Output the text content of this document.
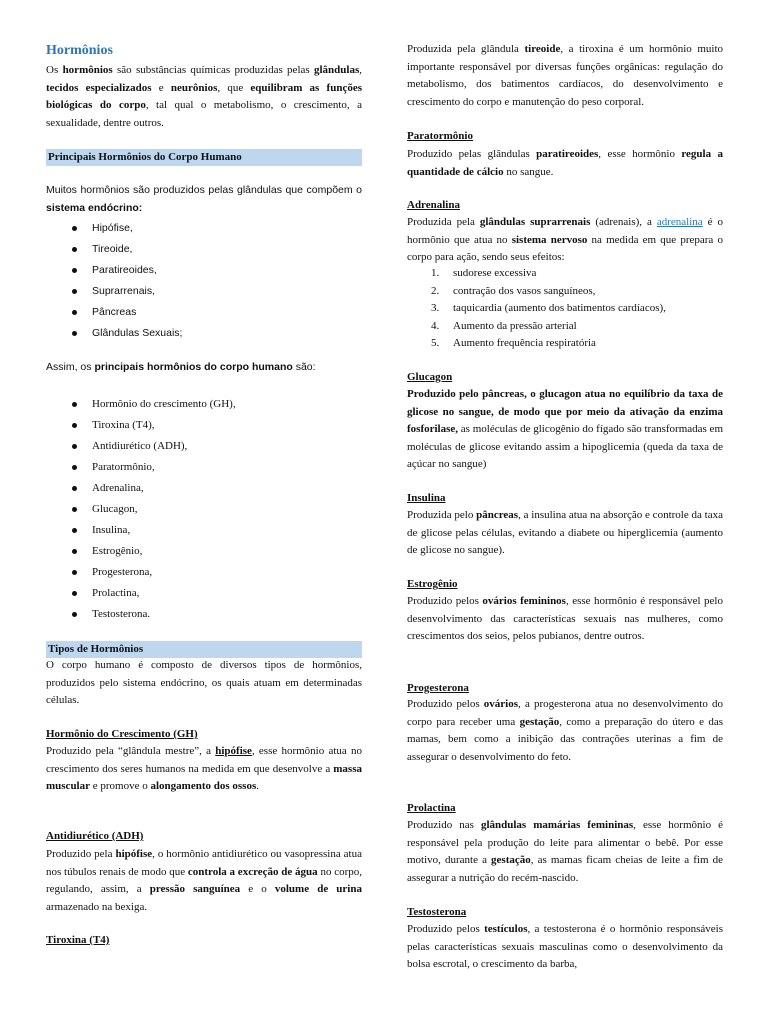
Hormônios

Os hormônios são substâncias químicas produzidas pelas glândulas, tecidos especializados e neurônios, que equilibram as funções biológicas do corpo, tal qual o metabolismo, o crescimento, a sexualidade, dentre outros.

Principais Hormônios do Corpo Humano

Muitos hormônios são produzidos pelas glândulas que compõem o sistema endócrino:

Hipófise,
Tireoide,
Paratireoides,
Suprarrenais,
Pâncreas
Glândulas Sexuais;

Assim, os principais hormônios do corpo humano são:

Hormônio do crescimento (GH),
Tiroxina (T4),
Antidiurético (ADH),
Paratormônio,
Adrenalina,
Glucagon,
Insulina,
Estrogênio,
Progesterona,
Prolactina,
Testosterona.
Tipos de Hormônios

O corpo humano é composto de diversos tipos de hormônios, produzidos pelo sistema endócrino, os quais atuam em determinadas células.

Hormônio do Crescimento (GH)

Produzido pela “glândula mestre”, a hipófise, esse hormônio atua no crescimento dos seres humanos na medida em que desenvolve a massa muscular e promove o alongamento dos ossos.

Antidiurético (ADH)

Produzido pela hipófise, o hormônio antidiurético ou vasopressina atua nos túbulos renais de modo que controla a excreção de água no corpo, regulando, assim, a pressão sanguínea e o volume de urina armazenado na bexiga.

Tiroxina (T4)

Produzida pela glândula tireoide, a tiroxina é um hormônio muito importante responsável por diversas funções orgânicas: regulação do metabolismo, dos batimentos cardíacos, do desenvolvimento e crescimento do corpo e manutenção do peso corporal.

Paratormônio

Produzido pelas glândulas paratireoides, esse hormônio regula a quantidade de cálcio no sangue.

Adrenalina

Produzida pela glândulas suprarrenais (adrenais), a adrenalina é o hormônio que atua no sistema nervoso na medida em que prepara o corpo para ação, sendo seus efeitos:

1. sudorese excessiva
2. contração dos vasos sanguíneos,
3. taquicardia (aumento dos batimentos cardíacos),
4. Aumento da pressão arterial
5. Aumento frequência respiratória
Glucagon

Produzido pelo pâncreas, o glucagon atua no equilíbrio da taxa de glicose no sangue, de modo que por meio da ativação da enzima fosforilase, as moléculas de glicogênio do fígado são transformadas em moléculas de glicose evitando assim a hipoglicemia (queda da taxa de açúcar no sangue)

Insulina

Produzida pelo pâncreas, a insulina atua na absorção e controle da taxa de glicose pelas células, evitando a diabete ou hiperglicemia (aumento de glicose no sangue).

Estrogênio

Produzido pelos ovários femininos, esse hormônio é responsável pelo desenvolvimento das características sexuais nas mulheres, como crescimentos dos seios, pelos pubianos, dentre outros.

Progesterona

Produzido pelos ovários, a progesterona atua no desenvolvimento do corpo para receber uma gestação, como a preparação do útero e das mamas, bem como a inibição das contrações uterinas a fim de assegurar o desenvolvimento do feto.

Prolactina

Produzido nas glândulas mamárias femininas, esse hormônio é responsável pela produção do leite para alimentar o bebê. Por esse motivo, durante a gestação, as mamas ficam cheias de leite a fim de assegurar a nutrição do recém-nascido.

Testosterona

Produzido pelos testículos, a testosterona é o hormônio responsáveis pelas características sexuais masculinas como o desenvolvimento da bolsa escrotal, o crescimento da barba,
